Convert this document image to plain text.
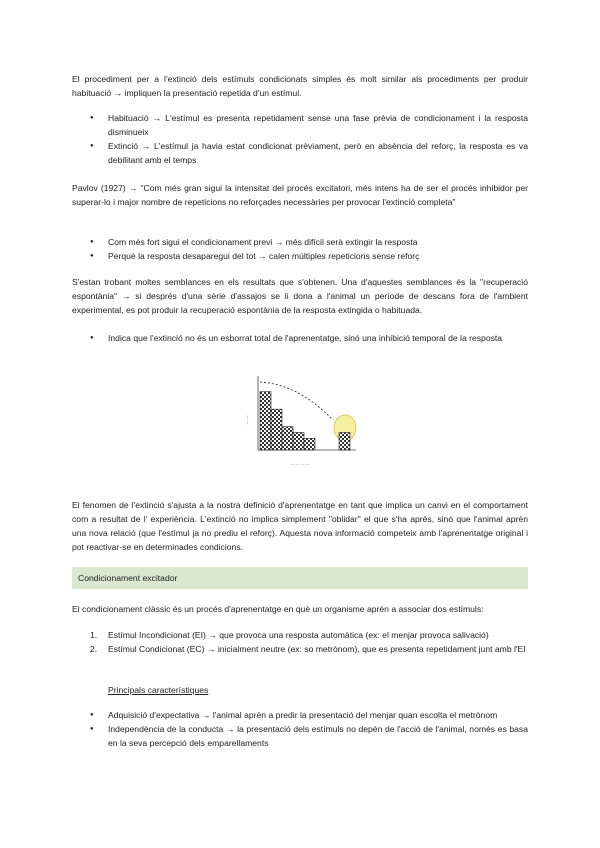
El procediment per a l'extinció dels estímuls condicionats simples és molt similar als procediments per produir habituació → impliquen la presentació repetida d'un estímul.

● Habituació → L'estímul es presenta repetidament sense una fase prèvia de condicionament i la resposta disminueix
● Extinció → L'estímul ja havia estat condicionat prèviament, però en absència del reforç, la resposta es va debilitant amb el temps

Pavlov (1927) → "Com més gran sigui la intensitat del procés excitatori, més intens ha de ser el procés inhibidor per superar-lo i major nombre de repeticions no reforçades necessàries per provocar l'extinció completa"

● Com més fort sigui el condicionament previ → més difícil serà extingir la resposta
● Perquè la resposta desaparegui del tot → calen múltiples repeticions sense reforç

S'estan trobant moltes semblances en els resultats que s'obtenen. Una d'aquestes semblances és la "recuperació espontània" → si després d'una sèrie d'assajos se li dona a l'animal un període de descans fora de l'ambient experimental, es pot produir la recuperació espontània de la resposta extingida o habituada.

● Indica que l'extinció no és un esborrat total de l'aprenentatge, sinó una inhibició temporal de la resposta
— — — —
— —

El fenomen de l'extinció s'ajusta a la nostra definició d'aprenentatge en tant que implica un canvi en el comportament com a resultat de l' experiència. L'extinció no implica simplement "oblidar" el que s'ha après, sinó que l'animal aprèn una nova relació (que l'estímul ja no prediu el reforç). Aquesta nova informació competeix amb l'aprenentatge original i pot reactivar-se en determinades condicions.

Condicionament excitador

El condicionament clàssic és un procés d'aprenentatge en què un organisme aprèn a associar dos estímuls:

1. Estímul Incondicionat (EI) → que provoca una resposta automàtica (ex: el menjar provoca salivació)
2. Estímul Condicionat (EC) → inicialment neutre (ex: so metrònom), que es presenta repetidament junt amb l'EI

Principals característiques

● Adquisició d'expectativa → l'animal aprèn a predir la presentació del menjar quan escolta el metrònom
● Independència de la conducta → la presentació dels estímuls no depèn de l'acció de l'animal, només es basa en la seva percepció dels emparellaments
